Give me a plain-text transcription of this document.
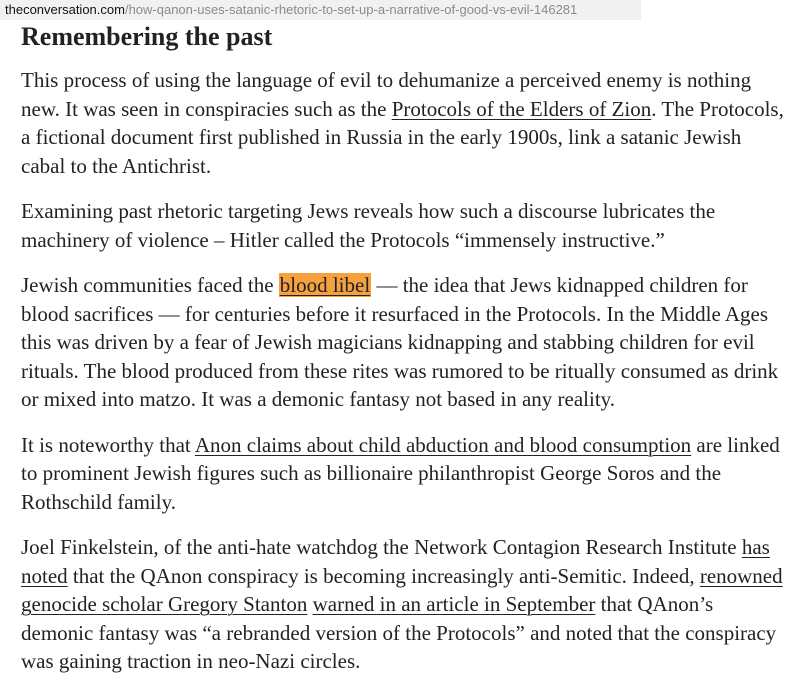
theconversation.com/how-qanon-uses-satanic-rhetoric-to-set-up-a-narrative-of-good-vs-evil-146281
Remembering the past

This process of using the language of evil to dehumanize a perceived enemy is nothing new. It was seen in conspiracies such as the Protocols of the Elders of Zion. The Protocols, a fictional document first published in Russia in the early 1900s, link a satanic Jewish cabal to the Antichrist.

Examining past rhetoric targeting Jews reveals how such a discourse lubricates the machinery of violence – Hitler called the Protocols “immensely instructive.”

Jewish communities faced the blood libel — the idea that Jews kidnapped children for blood sacrifices — for centuries before it resurfaced in the Protocols. In the Middle Ages this was driven by a fear of Jewish magicians kidnapping and stabbing children for evil rituals. The blood produced from these rites was rumored to be ritually consumed as drink or mixed into matzo. It was a demonic fantasy not based in any reality.

It is noteworthy that Anon claims about child abduction and blood consumption are linked to prominent Jewish figures such as billionaire philanthropist George Soros and the Rothschild family.

Joel Finkelstein, of the anti-hate watchdog the Network Contagion Research Institute has noted that the QAnon conspiracy is becoming increasingly anti-Semitic. Indeed, renowned genocide scholar Gregory Stanton warned in an article in September that QAnon’s demonic fantasy was “a rebranded version of the Protocols” and noted that the conspiracy was gaining traction in neo-Nazi circles.
